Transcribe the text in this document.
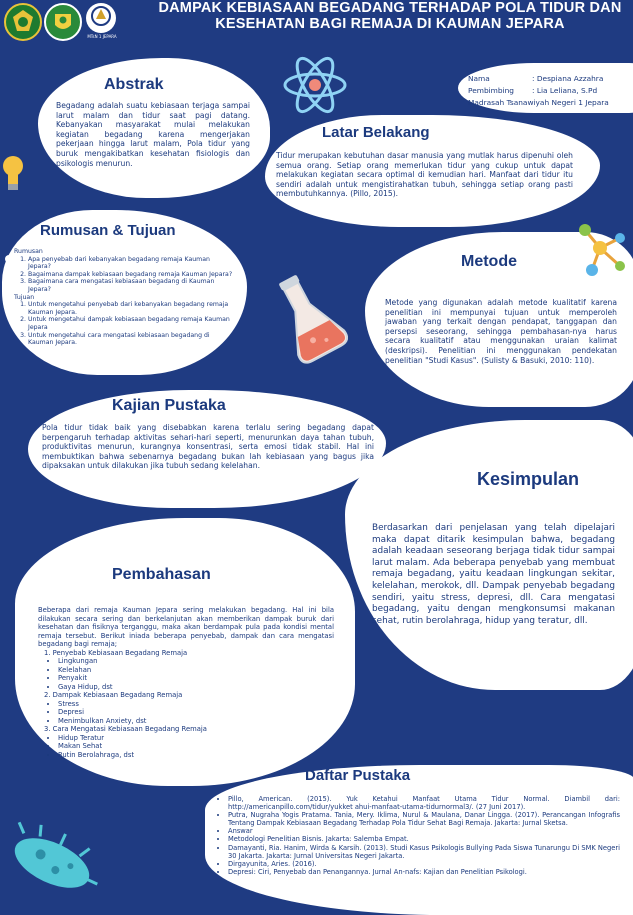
MTsN 1 JEPARA
DAMPAK KEBIASAAN BEGADANG TERHADAP POLA TIDUR DAN
KESEHATAN BAGI REMAJA DI KAUMAN JEPARA
Abstrak
Begadang adalah suatu kebiasaan terjaga sampai larut malam dan tidur saat pagi datang. Kebanyakan masyarakat mulai melakukan kegiatan begadang karena mengerjakan pekerjaan hingga larut malam, Pola tidur yang buruk mengakibatkan kesehatan fisiologis dan psikologis menurun.
Nama	: Despiana Azzahra
Pembimbing : Lia Leliana, S.Pd
Madrasah Tsanawiyah Negeri 1 Jepara
Latar Belakang
Tidur merupakan kebutuhan dasar manusia yang mutlak harus dipenuhi oleh semua orang. Setiap orang memerlukan tidur yang cukup untuk dapat melakukan kegiatan secara optimal di kemudian hari. Manfaat dari tidur itu sendiri adalah untuk mengistirahatkan tubuh, sehingga setiap orang pasti membutuhkannya. (Pillo, 2015).
Rumusan & Tujuan
Rumusan
1. Apa penyebab dari kebanyakan begadang remaja Kauman Jepara?
2. Bagaimana dampak kebiasaan begadang remaja Kauman Jepara?
3. Bagaimana cara mengatasi kebiasaan begadang di Kauman Jepara?
Tujuan
1. Untuk mengetahui penyebab dari kebanyakan begadang remaja Kauman Jepara.
2. Untuk mengetahui dampak kebiasaan begadang remaja Kauman Jepara
3. Untuk mengetahui cara mengatasi kebiasaan begadang di Kauman Jepara.
Metode
Metode yang digunakan adalah metode kualitatif karena penelitian ini mempunyai tujuan untuk memperoleh jawaban yang terkait dengan pendapat, tanggapan dan persepsi seseorang, sehingga pembahasan-nya harus secara kualitatif atau menggunakan uraian kalimat (deskripsi). Penelitian ini menggunakan pendekatan penelitian "Studi Kasus". (Sulisty & Basuki, 2010: 110).
Kajian Pustaka
Pola tidur tidak baik yang disebabkan karena terlalu sering begadang dapat berpengaruh terhadap aktivitas sehari-hari seperti, menurunkan daya tahan tubuh, produktivitas menurun, kurangnya konsentrasi, serta emosi tidak stabil. Hal ini membuktikan bahwa sebenarnya begadang bukan lah kebiasaan yang bagus jika dipaksakan untuk dilakukan jika tubuh sedang kelelahan.
Kesimpulan
Berdasarkan dari penjelasan yang telah dipelajari maka dapat ditarik kesimpulan bahwa, begadang adalah keadaan seseorang berjaga tidak tidur sampai larut malam. Ada beberapa penyebab yang membuat remaja begadang, yaitu keadaan lingkungan sekitar, kelelahan, merokok, dll. Dampak penyebab begadang sendiri, yaitu stress, depresi, dll. Cara mengatasi begadang, yaitu dengan mengkonsumsi makanan sehat, rutin berolahraga, hidup yang teratur, dll.
Pembahasan
Beberapa dari remaja Kauman Jepara sering melakukan begadang. Hal ini bila dilakukan secara sering dan berkelanjutan akan memberikan dampak buruk dari kesehatan dan fisiknya terganggu, maka akan berdampak pula pada kondisi mental remaja tersebut. Berikut iniada beberapa penyebab, dampak dan cara mengatasi begadang bagi remaja;
1. Penyebab Kebiasaan Begadang Remaja
• Lingkungan
• Kelelahan
• Penyakit
• Gaya Hidup, dst
2. Dampak Kebiasaan Begadang Remaja
• Stress
• Depresi
• Menimbulkan Anxiety, dst
3. Cara Mengatasi Kebiasaan Begadang Remaja
• Hidup Teratur
• Makan Sehat
• Rutin Berolahraga, dst
Daftar Pustaka
• Pillo, American. (2015). Yuk Ketahui Manfaat Utama Tidur Normal. Diambil dari: http://americanpillo.com/tidur/yukket ahui-manfaat-utama-tidurnormal3/. (27 Juni 2017).
• Putra, Nugraha Yogis Pratama. Tania, Mery. Iklima, Nurul & Maulana, Danar Lingga. (2017). Perancangan Infografis Tentang Dampak Kebiasaan Begadang Terhadap Pola Tidur Sehat Bagi Remaja. Jakarta: Jurnal Sketsa.
• Answar
• Metodologi Penelitian Bisnis. Jakarta: Salemba Empat.
• Damayanti, Ria. Hanim, Wirda & Karsih. (2013). Studi Kasus Psikologis Bullying Pada Siswa Tunarungu Di SMK Negeri 30 Jakarta. Jakarta: Jurnal Universitas Negeri Jakarta.
• Dirgayunita, Aries. (2016).
• Depresi: Ciri, Penyebab dan Penangannya. Jurnal An-nafs: Kajian dan Penelitian Psikologi.
